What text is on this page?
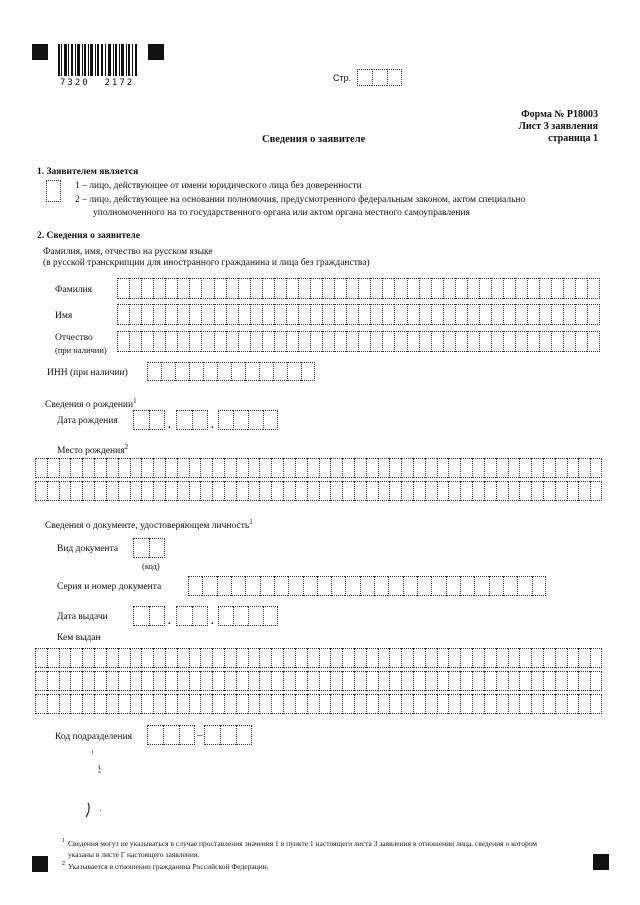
7320  2172	Стр.
Форма № Р18003
Лист З заявления
страница 1
Сведения о заявителе
1. Заявителем является
1 – лицо, действующее от имени юридического лица без доверенности
2 – лицо, действующее на основании полномочия, предусмотренного федеральным законом, актом специально
уполномоченного на то государственного органа или актом органа местного самоуправления
2. Сведения о заявителе
Фамилия, имя, отчество на русском языке
(в русской транскрипции для иностранного гражданина и лица без гражданства)
Фамилия
Имя
Отчество
(при наличии)
ИНН (при наличии)
Сведения о рождении$^1$
Дата рождения	.	.
Место рождения$^2$
Сведения о документе, удостоверяющем личность$^1$
Вид документа
(код)
Серия и номер документа
Дата выдачи	.	.
Кем выдан
Код подразделения	–
$^1$ Сведения могут не указываться в случае проставления значения 1 в пункте 1 настоящего листа З заявления в отношении лица, сведения о котором
указаны в листе Г настоящего заявления.
$^2$ Указывается в отношении гражданина Российской Федерации.
